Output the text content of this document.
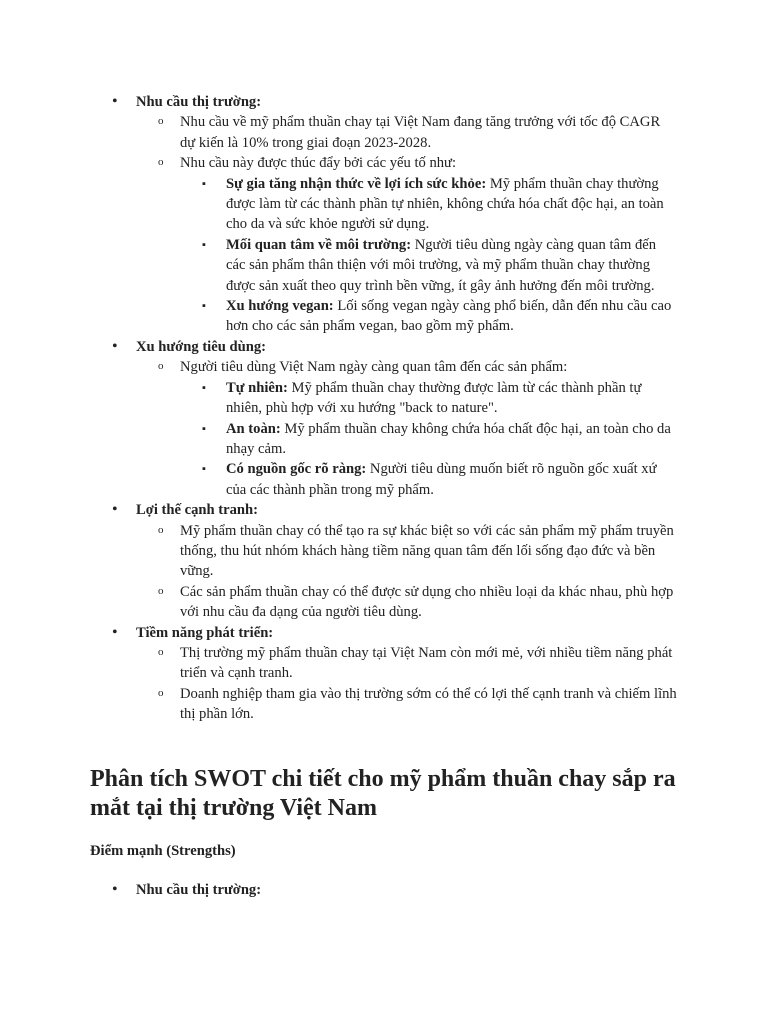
• Nhu cầu thị trường:
o Nhu cầu về mỹ phẩm thuần chay tại Việt Nam đang tăng trưởng với tốc độ CAGR dự kiến là 10% trong giai đoạn 2023-2028.
o Nhu cầu này được thúc đẩy bởi các yếu tố như:
▪ Sự gia tăng nhận thức về lợi ích sức khỏe: Mỹ phẩm thuần chay thường được làm từ các thành phần tự nhiên, không chứa hóa chất độc hại, an toàn cho da và sức khỏe người sử dụng.
▪ Mối quan tâm về môi trường: Người tiêu dùng ngày càng quan tâm đến các sản phẩm thân thiện với môi trường, và mỹ phẩm thuần chay thường được sản xuất theo quy trình bền vững, ít gây ảnh hưởng đến môi trường.
▪ Xu hướng vegan: Lối sống vegan ngày càng phổ biến, dẫn đến nhu cầu cao hơn cho các sản phẩm vegan, bao gồm mỹ phẩm.
• Xu hướng tiêu dùng:
o Người tiêu dùng Việt Nam ngày càng quan tâm đến các sản phẩm:
▪ Tự nhiên: Mỹ phẩm thuần chay thường được làm từ các thành phần tự nhiên, phù hợp với xu hướng "back to nature".
▪ An toàn: Mỹ phẩm thuần chay không chứa hóa chất độc hại, an toàn cho da nhạy cảm.
▪ Có nguồn gốc rõ ràng: Người tiêu dùng muốn biết rõ nguồn gốc xuất xứ của các thành phần trong mỹ phẩm.
• Lợi thế cạnh tranh:
o Mỹ phẩm thuần chay có thể tạo ra sự khác biệt so với các sản phẩm mỹ phẩm truyền thống, thu hút nhóm khách hàng tiềm năng quan tâm đến lối sống đạo đức và bền vững.
o Các sản phẩm thuần chay có thể được sử dụng cho nhiều loại da khác nhau, phù hợp với nhu cầu đa dạng của người tiêu dùng.
• Tiềm năng phát triển:
o Thị trường mỹ phẩm thuần chay tại Việt Nam còn mới mẻ, với nhiều tiềm năng phát triển và cạnh tranh.
o Doanh nghiệp tham gia vào thị trường sớm có thể có lợi thế cạnh tranh và chiếm lĩnh thị phần lớn.
Phân tích SWOT chi tiết cho mỹ phẩm thuần chay sắp ra mắt tại thị trường Việt Nam
Điểm mạnh (Strengths)
• Nhu cầu thị trường:
